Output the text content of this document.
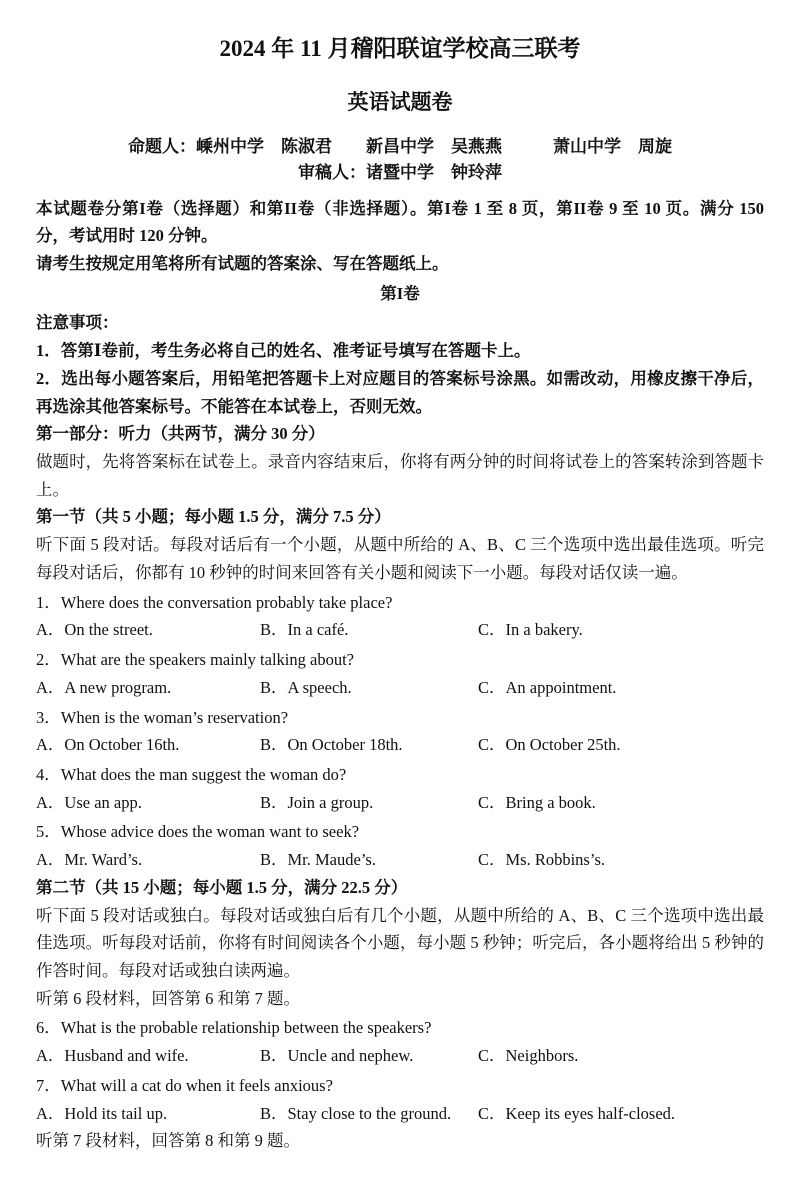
2024 年 11 月稽阳联谊学校高三联考
英语试题卷
命题人：嵊州中学　陈淑君　　新昌中学　吴燕燕　　　萧山中学　周旋
审稿人：诸暨中学　钟玲萍

本试题卷分第I卷（选择题）和第II卷（非选择题）。第I卷 1 至 8 页，第II卷 9 至 10 页。满分 150 分，考试用时 120 分钟。

请考生按规定用笔将所有试题的答案涂、写在答题纸上。

第I卷
注意事项：
1．答第Ⅰ卷前，考生务必将自己的姓名、准考证号填写在答题卡上。
2．选出每小题答案后，用铅笔把答题卡上对应题目的答案标号涂黑。如需改动，用橡皮擦干净后，再选涂其他答案标号。不能答在本试卷上，否则无效。
第一部分：听力（共两节，满分 30 分）

做题时，先将答案标在试卷上。录音内容结束后，你将有两分钟的时间将试卷上的答案转涂到答题卡上。

第一节（共 5 小题；每小题 1.5 分，满分 7.5 分）

听下面 5 段对话。每段对话后有一个小题，从题中所给的 A、B、C 三个选项中选出最佳选项。听完每段对话后，你都有 10 秒钟的时间来回答有关小题和阅读下一小题。每段对话仅读一遍。

1．Where does the conversation probably take place?
A．On the street.	B．In a café.	C．In a bakery.
2．What are the speakers mainly talking about?
A．A new program.	B．A speech.	C．An appointment.
3．When is the woman’s reservation?
A．On October 16th.	B．On October 18th.	C．On October 25th.
4．What does the man suggest the woman do?
A．Use an app.	B．Join a group.	C．Bring a book.
5．Whose advice does the woman want to seek?
A．Mr. Ward’s.	B．Mr. Maude’s.	C．Ms. Robbins’s.
第二节（共 15 小题；每小题 1.5 分，满分 22.5 分）

听下面 5 段对话或独白。每段对话或独白后有几个小题，从题中所给的 A、B、C 三个选项中选出最佳选项。听每段对话前，你将有时间阅读各个小题，每小题 5 秒钟；听完后，各小题将给出 5 秒钟的作答时间。每段对话或独白读两遍。

听第 6 段材料，回答第 6 和第 7 题。

6．What is the probable relationship between the speakers?
A．Husband and wife.	B．Uncle and nephew.	C．Neighbors.
7．What will a cat do when it feels anxious?
A．Hold its tail up.	B．Stay close to the ground.	C．Keep its eyes half-closed.

听第 7 段材料，回答第 8 和第 9 题。
